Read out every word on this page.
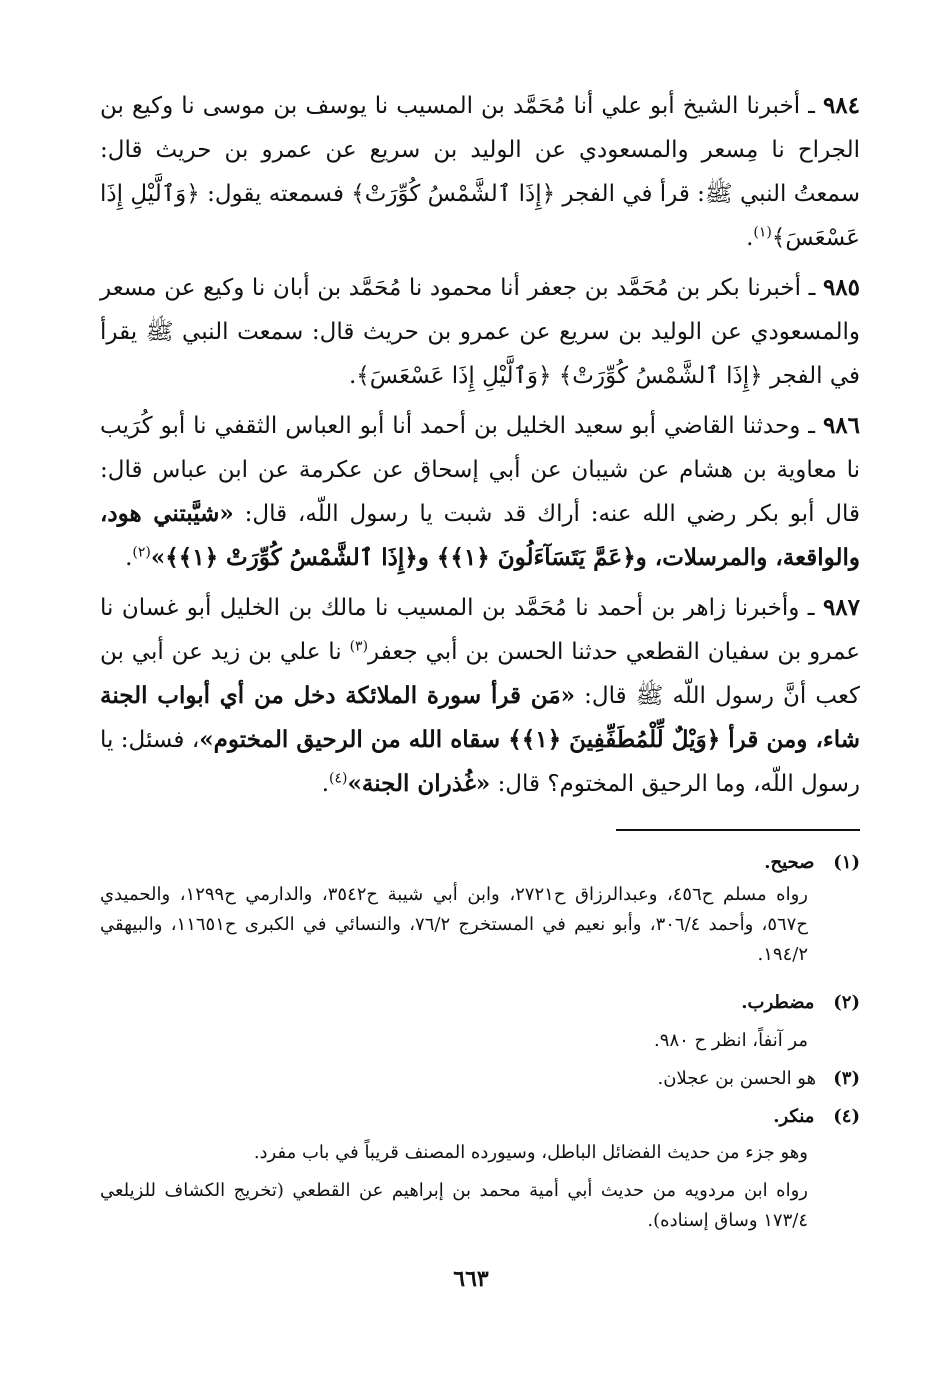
٩٨٤ ـ أخبرنا الشيخ أبو علي أنا مُحَمَّد بن المسيب نا يوسف بن موسى نا وكيع بن الجراح نا مِسعر والمسعودي عن الوليد بن سريع عن عمرو بن حريث قال: سمعتُ النبي ﷺ: قرأ في الفجر ﴿إِذَا ٱلشَّمْسُ كُوِّرَتْ﴾ فسمعته يقول: ﴿وَٱلَّيْلِ إِذَا عَسْعَسَ﴾$^{(١)}$.

٩٨٥ ـ أخبرنا بكر بن مُحَمَّد بن جعفر أنا محمود نا مُحَمَّد بن أبان نا وكيع عن مسعر والمسعودي عن الوليد بن سريع عن عمرو بن حريث قال: سمعت النبي ﷺ يقرأ في الفجر ﴿إِذَا ٱلشَّمْسُ كُوِّرَتْ﴾ ﴿وَٱلَّيْلِ إِذَا عَسْعَسَ﴾.

٩٨٦ ـ وحدثنا القاضي أبو سعيد الخليل بن أحمد أنا أبو العباس الثقفي نا أبو كُرَيب نا معاوية بن هشام عن شيبان عن أبي إسحاق عن عكرمة عن ابن عباس قال: قال أبو بكر رضي الله عنه: أراك قد شبت يا رسول اللّه، قال: «شيَّبتني هود، والواقعة، والمرسلات، و﴿عَمَّ يَتَسَآءَلُونَ ﴿١﴾﴾ و﴿إِذَا ٱلشَّمْسُ كُوِّرَتْ ﴿١﴾﴾»$^{(٢)}$.

٩٨٧ ـ وأخبرنا زاهر بن أحمد نا مُحَمَّد بن المسيب نا مالك بن الخليل أبو غسان نا عمرو بن سفيان القطعي حدثنا الحسن بن أبي جعفر$^{(٣)}$ نا علي بن زيد عن أبي بن كعب أنَّ رسول اللّه ﷺ قال: «مَن قرأ سورة الملائكة دخل من أي أبواب الجنة شاء، ومن قرأ ﴿وَيْلٌ لِّلْمُطَفِّفِينَ ﴿١﴾﴾ سقاه الله من الرحيق المختوم»، فسئل: يا رسول اللّه، وما الرحيق المختوم؟ قال: «غُذران الجنة»$^{(٤)}$.

(١)   صحيح.

رواه مسلم ح٤٥٦، وعبدالرزاق ح٢٧٢١، وابن أبي شيبة ح٣٥٤٢، والدارمي ح١٢٩٩، والحميدي ح٥٦٧، وأحمد ٣٠٦/٤، وأبو نعيم في المستخرج ٧٦/٢، والنسائي في الكبرى ح١١٦٥١، والبيهقي ١٩٤/٢.

(٢)   مضطرب.

مر آنفاً، انظر ح ٩٨٠.

(٣)   هو الحسن بن عجلان.

(٤)   منكر.

وهو جزء من حديث الفضائل الباطل، وسيورده المصنف قريباً في باب مفرد.

رواه ابن مردويه من حديث أبي أمية محمد بن إبراهيم عن القطعي (تخريج الكشاف للزيلعي ١٧٣/٤ وساق إسناده).

٦٦٣
